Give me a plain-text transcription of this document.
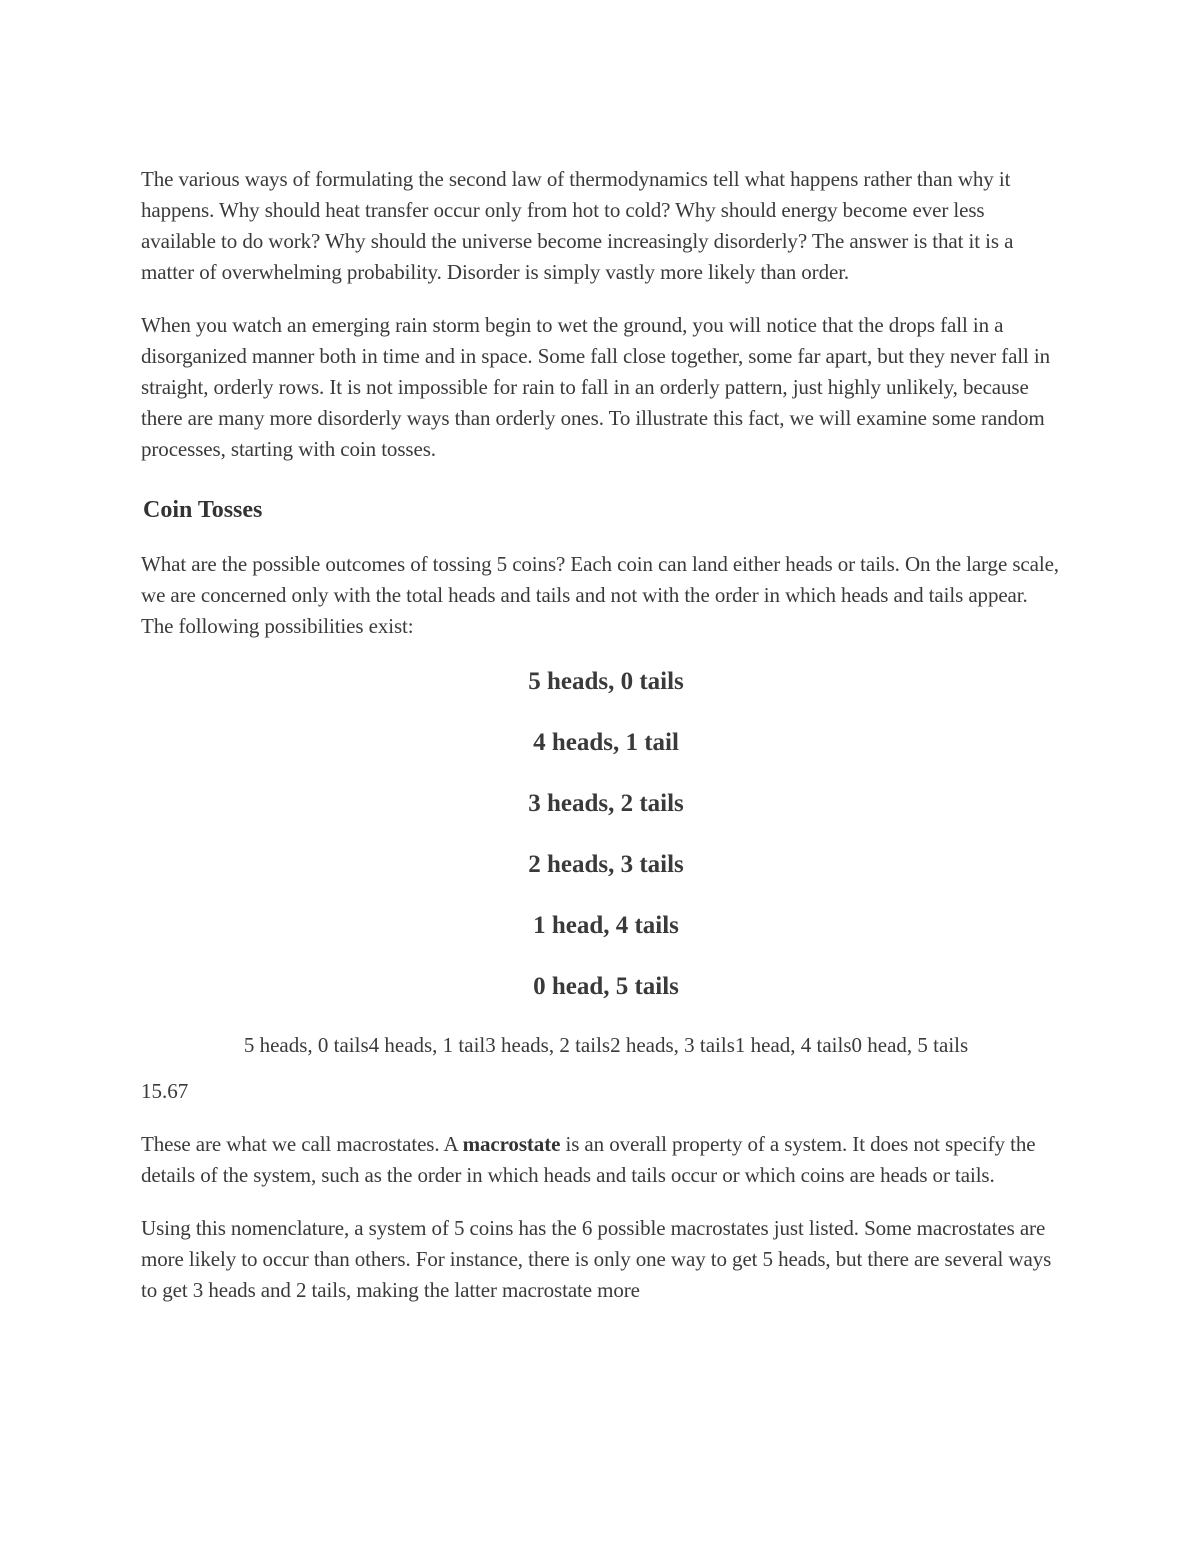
The various ways of formulating the second law of thermodynamics tell what happens rather than why it happens. Why should heat transfer occur only from hot to cold? Why should energy become ever less available to do work? Why should the universe become increasingly disorderly? The answer is that it is a matter of overwhelming probability. Disorder is simply vastly more likely than order.

When you watch an emerging rain storm begin to wet the ground, you will notice that the drops fall in a disorganized manner both in time and in space. Some fall close together, some far apart, but they never fall in straight, orderly rows. It is not impossible for rain to fall in an orderly pattern, just highly unlikely, because there are many more disorderly ways than orderly ones. To illustrate this fact, we will examine some random processes, starting with coin tosses.

Coin Tosses

What are the possible outcomes of tossing 5 coins? Each coin can land either heads or tails. On the large scale, we are concerned only with the total heads and tails and not with the order in which heads and tails appear. The following possibilities exist:

5 heads, 0 tails
4 heads, 1 tail
3 heads, 2 tails
2 heads, 3 tails
1 head, 4 tails
0 head, 5 tails
5 heads, 0 tails4 heads, 1 tail3 heads, 2 tails2 heads, 3 tails1 head, 4 tails0 head, 5 tails
15.67

These are what we call macrostates. A macrostate is an overall property of a system. It does not specify the details of the system, such as the order in which heads and tails occur or which coins are heads or tails.

Using this nomenclature, a system of 5 coins has the 6 possible macrostates just listed. Some macrostates are more likely to occur than others. For instance, there is only one way to get 5 heads, but there are several ways to get 3 heads and 2 tails, making the latter macrostate more
